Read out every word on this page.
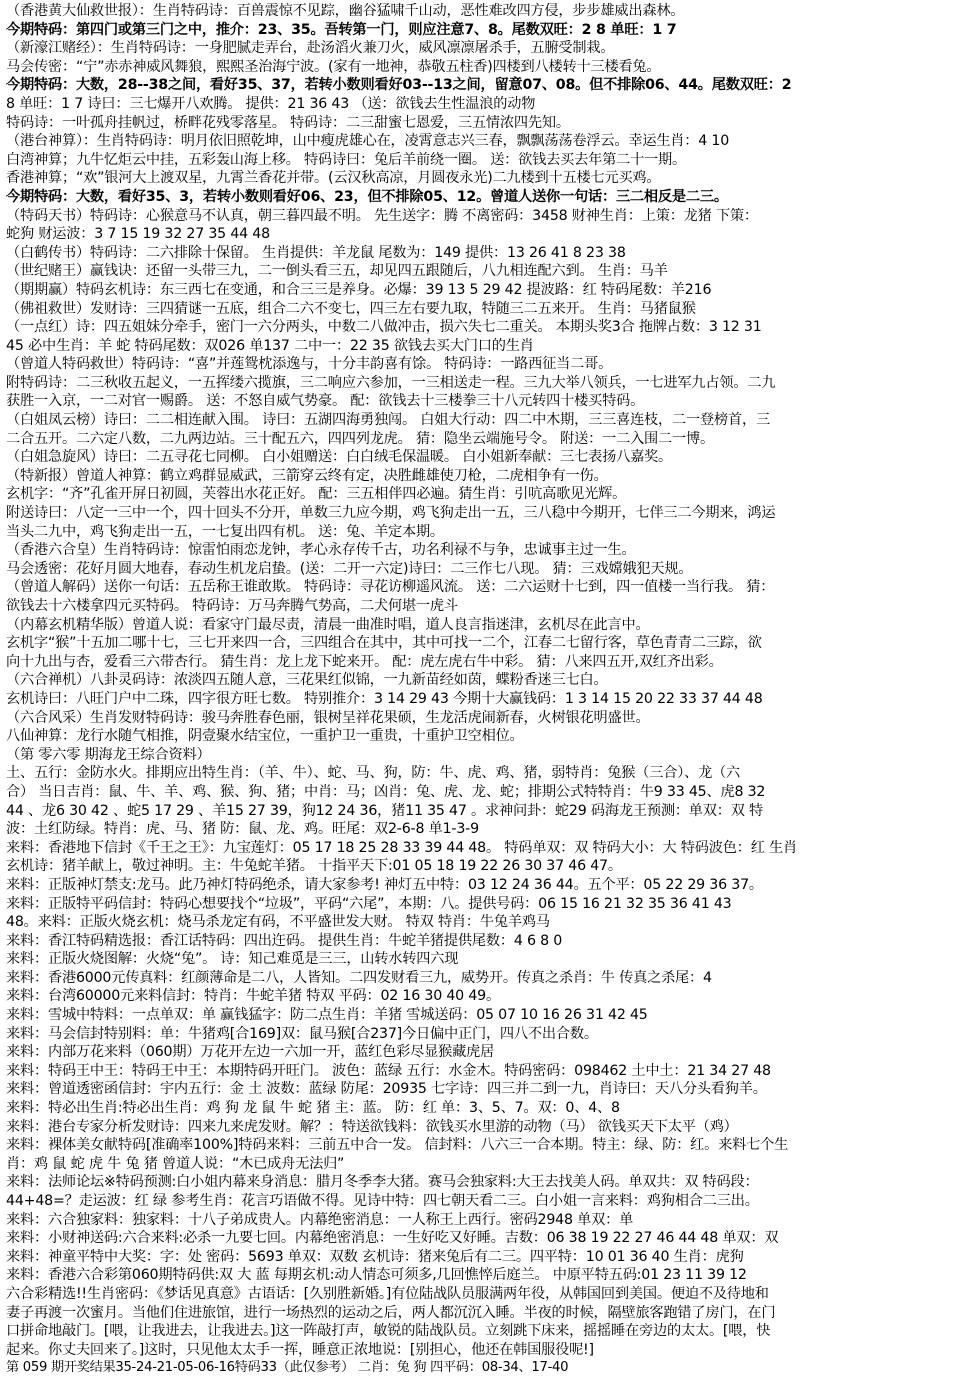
（香港黄大仙救世报）：生肖特码诗：百兽震惊不见踪，幽谷猛啸千山动，恶性难改四方侵，步步雄威出森林。
今期特码：第四门或第三门之中，推介：23、35。吾转第一门，则应注意7、8。尾数双旺：2 8 单旺：1 7
（新濠江赌经）：生肖特码诗：一身肥腻走弄台，赴汤滔火兼刀火，威风凛凛屠杀手，五腑受制栽。
马会传密：“宁”赤赤神威风舞狼，熙熙圣治海宁波。(家有一地神，恭敬五柱香)四楼到八楼转十三楼看兔。
今期特码：大数，28--38之间，看好35、37，若转小数则看好03--13之间，留意07、08。但不排除06、44。尾数双旺：2
8 单旺：1 7 诗曰：三七爆开八欢腾。 提供：21 36 43 （送：欲钱去生性温浪的动物
特码诗：一叶孤舟挂帆过，桥畔花残零落星。 特码诗：二三甜蜜七恩爱，三五情浓四先知。
（港台神算）：生肖特码诗：明月依旧照乾坤，山中瘦虎雄心在，凌霄意志兴三春，飘飘荡荡卷浮云。幸运生肖：4 10
白湾神算；九牛忆炬云中挂，五彩轰山海上移。 特码诗曰：兔后羊前绕一圈。 送：欲钱去买去年第二十一期。
香港神算；“欢”银河大上渡双星，九霄兰香花并带。(云汉秋高凉，月圆夜永光)二九楼到十五楼七元买鸡。
今期特码：大数，看好35、3，若转小数则看好06、23，但不排除05、12。曾道人送你一句话：三二相反是二三。
（特码天书）特码诗：心猴意马不认真，朝三暮四最不明。 先生送字：腾 不离密码：3458 财神生肖：上策：龙猪 下策：
蛇狗 财运波：3 7 15 19 32 27 35 44 48
（白鹤传书）特码诗：二六排除十保留。 生肖提供：羊龙鼠 尾数为：149 提供：13 26 41 8 23 38
（世纪赌王）赢钱诀：还留一头带三九，二一倒头看三五，却见四五跟随后，八九相连配六到。 生肖：马羊
（期期赢）特码玄机诗：东三西七在变通，和合三三是养身。必爆：39 13 5 29 42 提波路：红 特码尾数：羊216
（佛祖救世）发财诗：三四猜谜一五底，组合二六不变七，四三左右要九取，特随三二五来开。 生肖：马猪鼠猴
（一点红）诗：四五姐妹分牵手，密门一六分两头，中数二八做冲击，损六失七二重关。 本期头奖3合 拖牌占数：3 12 31
45 必中生肖：羊 蛇 特码尾数：双026 单137 二中一：22 35 欲钱去买大门口的生肖
（曾道人特码救世）特码诗：“喜”并莲鸳枕添逸与，十分丰韵喜有馀。 特码诗：一路西征当二哥。
附特码诗：二三秋收五起义，一五挥缕六揽旗，三二响应六参加，一三相送走一程。三九大举八领兵，一七进军九占领。二九
获胜一入京，一二对官一赐爵。 送：不怒自威气势豪。 配：欲钱去十三楼拳三十八元转四十楼买特码。
（白姐凤云榜）诗曰：二二相连献入围。 诗曰：五湖四海勇独闯。 白姐大行动：四二中木期，三三喜连枝，二一登榜首，三
二合五开。二六定八数，二九两边站。三十配五六，四四列龙虎。 猜：隐坐云端施号令。 附送：一二入围二一博。
（白姐急旋风）诗曰：二五寻花七同柳。 白小姐赠送：白白绒毛保温暖。 白小姐新奉献：三七表扬八嘉奖。
（特新报）曾道人神算：鹤立鸡群显威武，三箭穿云终有定，决胜雌雄使刀枪，二虎相争有一伤。
玄机字：“齐”孔雀开屏日初圆，芙蓉出水花正好。 配：三五相伴四必遍。猜生肖：引吭高歌见光辉。
附送诗曰：八定一三中一个，四十回头不分开，单数三九应今期，鸡飞狗走出一五，三八稳中今期开，七伴三二今期来，鸿运
当头二九中，鸡飞狗走出一五，一七复出四有机。 送：兔、羊定本期。
（香港六合皇）生肖特码诗：惊雷怕雨恋龙钟，孝心永存传千古，功名利禄不与争，忠诚事主过一生。
马会透密：花好月圆大地春，春动生机龙启蛰。(送：二开一六定)诗曰：二三作七八现。 猜：三戏嫦娥犯天规。
（曾道人解码）送你一句话：五岳称王谁敢欺。 特码诗：寻花访柳遥风流。 送：二六运财十七到，四一值楼一当行我。 猜：
欲钱去十六楼拿四元买特码。 特码诗：万马奔腾气势高，二犬何堪一虎斗
（内幕玄机精华版）曾道人说：看家守门最尽责，清晨一曲准时唱，道人良言指迷津，玄机尽在此言中。
玄机字“猴”十五加二哪十七，三七开来四一合，三四组合在其中，其中可找一二个，江春二七留行客，草色青青二三踪，欲
向十九出与杏，爱看三六带杏行。 猜生肖：龙上龙下蛇来开。 配：虎左虎右牛中彩。 猜：八来四五开,双红齐出彩。
（六合禅机）八卦灵码诗：浓淡四五随人意，三花果红似锦，一九新苗经如茵，蝶粉香迷三七白。
玄机诗曰：八旺门户中二珠，四字很方旺七数。 特别推介：3 14 29 43 今期十大赢钱码：1 3 14 15 20 22 33 37 44 48
（六合风采）生肖发财特码诗：骏马奔胜春色丽，银树呈祥花果硕，生龙活虎闹新春，火树银花明盛世。
八仙神算：龙行水随气相推，阴壹聚水结宝位，一重护卫一重贵，十重护卫空相位。
（第 零六零 期海龙王综合资料）
土、五行：金防水火。排期应出特生肖：（羊、牛）、蛇、马、狗，防：牛、虎、鸡、猪，弱特肖：兔猴（三合）、龙（六
合） 当日吉肖：鼠、牛、羊、鸡、猴、狗、猪；中肖：马；凶肖：兔、虎、龙、蛇；排期公式特特肖：牛9 33 45、虎8 32
44 、龙6 30 42 、蛇5 17 29 、羊15 27 39，狗12 24 36，猪11 35 47 。求神问卦：蛇29 码海龙王预测：单双：双 特
波：土红防绿。特肖：虎、马、猪 防：鼠、龙、鸡。旺尾：双2-6-8 单1-3-9
来料：香港地下信封《千王之王》：九宝莲灯：05 17 18 25 28 33 39 44 48。 特码单双：双 特码大小：大 特码波色：红 生肖
玄机诗：猪羊献上，敬过神明。主：牛兔蛇羊猪。 十指平天下:01 05 18 19 22 26 30 37 46 47。
来料：正版神灯禁支:龙马。此乃神灯特码绝杀，请大家参考! 神灯五中特：03 12 24 36 44。五个平：05 22 29 36 37。
来料：正版特平码信封：特码心想要找个“垃圾”，平码“六尾”，本期：八。提供号码：06 15 16 21 32 35 36 41 43
48。来料：正版火烧玄机：烧马杀龙定有码，不平盛世发大财。 特双 特肖：牛兔羊鸡马
来料：香江特码精选报：香江话特码：四出迕码。 提供生肖：牛蛇羊猪提供尾数：4 6 8 0
来料：正版火烧图解：火烧“兔”。 诗：知己难觅是三三，山转水转四六现
来料：香港6000元传真料：红颜薄命是二八，人皆知。二四发财看三九，威势开。传真之杀肖：牛 传真之杀尾：4
来料：台湾60000元来料信封：特肖：牛蛇羊猪 特双 平码：02 16 30 40 49。
来料：雪城中特料：一点单双：单 赢钱猛字：防二点生肖：羊猪 雪城送码：05 07 10 16 26 31 42 45
来料：马会信封特别料：单：牛猪鸡[合169]双：鼠马猴[合237]今日偏中正门，四八不出合数。
来料：内部万花来料（060期）万花开左边一六加一开，蓝红色彩尽显猴藏虎居
来料：特码王中王：特码王中王：本期特码开旺门。 波色：蓝绿 五行：水金木。特码密码：098462 土中土：21 34 27 48
来料：曾道透密函信封：宇内五行：金 土 波数：蓝绿 防尾：20935 七字诗：四三并二到一九，肖诗曰：天八分头看狗羊。
来料：特必出生肖:特必出生肖：鸡 狗 龙 鼠 牛 蛇 猪 主：蓝。 防：红 单：3、5、7。双：0、4、8
来料：港台专家分析发财诗：四来九来虎发财。解？：特送欲钱料：欲钱买水里游的动物（马） 欲钱买天下太平（鸡）
来料：裸体美女献特码[准确率100%]特码来料：三前五中合一发。 信封料：八六三一合本期。特主：绿、防：红。来料七个生
肖：鸡 鼠 蛇 虎 牛 兔 猪 曾道人说：“木已成舟无法归”
来料：法师论坛※特码预测:白小姐内幕来身消息：腊月冬季李大猪。赛马会独家料:大王去找美人码。单双共：双 特码段：
44+48=？走运波：红 绿 参考生肖：花言巧语做不得。见诗中特：四七朝天看二三。白小姐一言来料：鸡狗相合二三出。
来料：六合独家料：独家料：十八子弟成贵人。内幕绝密消息：一人称王上西行。密码2948 单双：单
来料：小财神送码:六合来料:必杀一九要七回。内幕绝密消息：一生好吃又好睡。吉数：06 38 19 22 27 46 44 48 单双：双
来料：神童平特中大奖：字：处 密码：5693 单双：双数 玄机诗：猪来兔后有二三。四平特：10 01 36 40 生肖：虎狗
来料：香港六合彩第060期特码供:双 大 蓝 每期玄机:动人情态可须多,几回憔悴后庭兰。 中原平特五码:01 23 11 39 12
六合彩精选!!生肖密码：《梦话见真意》古语话：[久别胜新婚。]有位陆战队员服满两年役，从韩国回到美国。便迫不及待地和
妻子再渡一次蜜月。当他们住进旅馆，进行一场热烈的运动之后，两人都沉沉入睡。半夜的时候，隔壁旅客跑错了房门，在门
口拼命地敲门。[喂，让我进去，让我进去。]这一阵敲打声，敏锐的陆战队员。立刻跳下床来，摇摇睡在旁边的太太。[喂，快
起来。你丈夫回来了。]这时，只见他太太手一挥，睡意正浓地说：[别担心，他还在韩国服役呢!]
第 059 期开奖结果35-24-21-05-06-16特码33（此仅参考） 二肖：兔 狗 四平码：08-34、17-40
